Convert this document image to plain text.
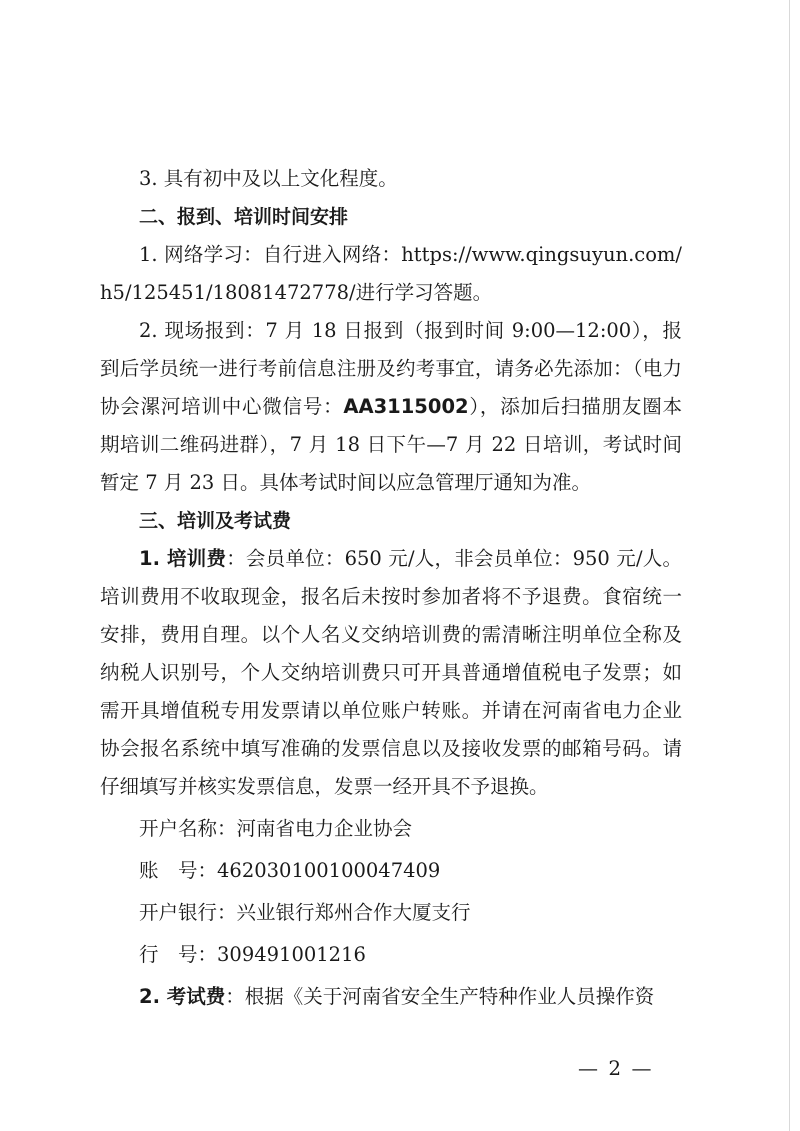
3. 具有初中及以上文化程度。

二、报到、培训时间安排

1. 网络学习：自行进入网络：https://www.qingsuyun.com/h5/125451/18081472778/进行学习答题。

2. 现场报到：7 月 18 日报到（报到时间 9:00—12:00），报到后学员统一进行考前信息注册及约考事宜，请务必先添加：（电力协会漯河培训中心微信号：AA3115002），添加后扫描朋友圈本期培训二维码进群），7 月 18 日下午—7 月 22 日培训，考试时间暂定 7 月 23 日。具体考试时间以应急管理厅通知为准。

三、培训及考试费

1. 培训费：会员单位：650 元/人，非会员单位：950 元/人。培训费用不收取现金，报名后未按时参加者将不予退费。食宿统一安排，费用自理。以个人名义交纳培训费的需清晰注明单位全称及纳税人识别号，个人交纳培训费只可开具普通增值税电子发票；如需开具增值税专用发票请以单位账户转账。并请在河南省电力企业协会报名系统中填写准确的发票信息以及接收发票的邮箱号码。请仔细填写并核实发票信息，发票一经开具不予退换。

开户名称：河南省电力企业协会

账　号：462030100100047409

开户银行：兴业银行郑州合作大厦支行

行　号：309491001216

2. 考试费：根据《关于河南省安全生产特种作业人员操作资

— 2 —
